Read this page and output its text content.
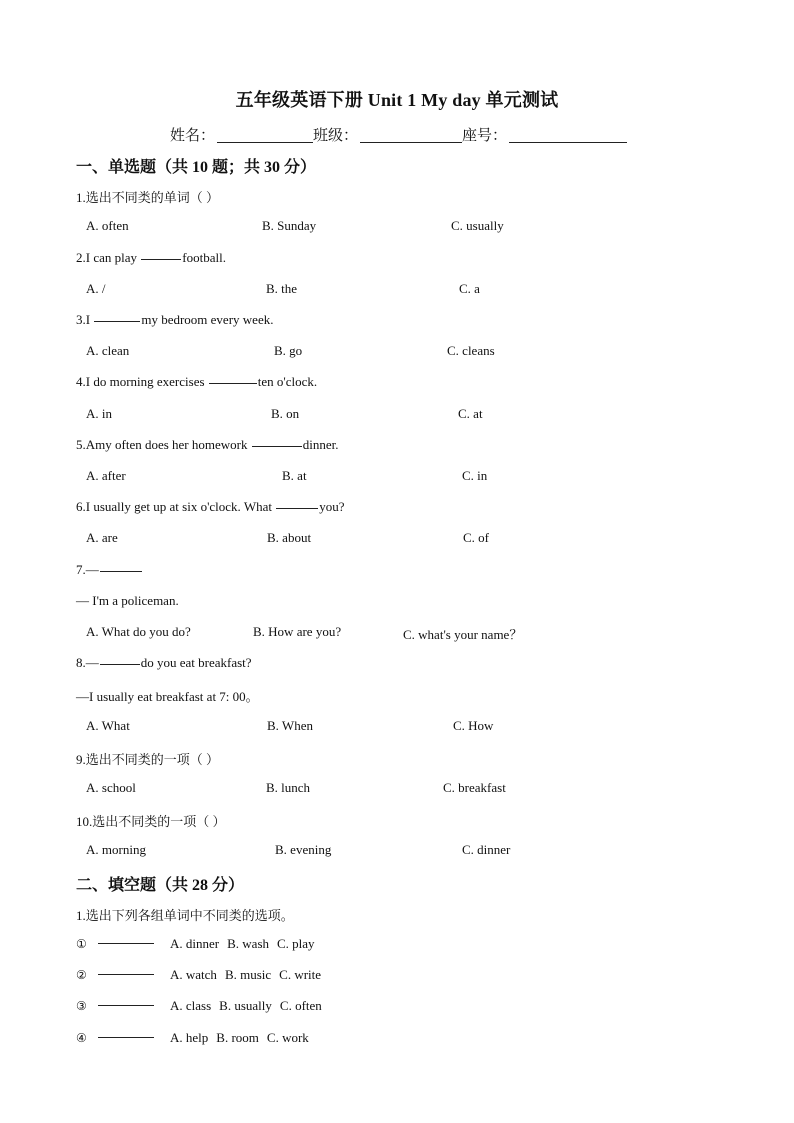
五年级英语下册 Unit 1 My day 单元测试
姓名：	班级：	座号：
一、单选题（共 10 题；共 30 分）
1.选出不同类的单词（ ）
A. often	B. Sunday	C. usually
2.I can play	football.
A. /	B. the	C. a
3.I	my bedroom every week.
A. clean	B. go	C. cleans
4.I do morning exercises	ten o'clock.
A. in	B. on	C. at
5.Amy often does her homework	dinner.
A. after	B. at	C. in
6.I usually get up at six o'clock. What	you?
A. are	B. about	C. of
7.—
— I'm a policeman.
A. What do you do?	B. How are you?	C. what's your name？
8.—	do you eat breakfast?
—I usually eat breakfast at 7: 00。
A. What	B. When	C. How
9.选出不同类的一项（ ）
A. school	B. lunch	C. breakfast
10.选出不同类的一项（ ）
A. morning	B. evening	C. dinner
二、填空题（共 28 分）
1.选出下列各组单词中不同类的选项。
①	A. dinner B. wash C. play
②	A. watch B. music C. write
③	A. class B. usually C. often
④	A. help B. room C. work
